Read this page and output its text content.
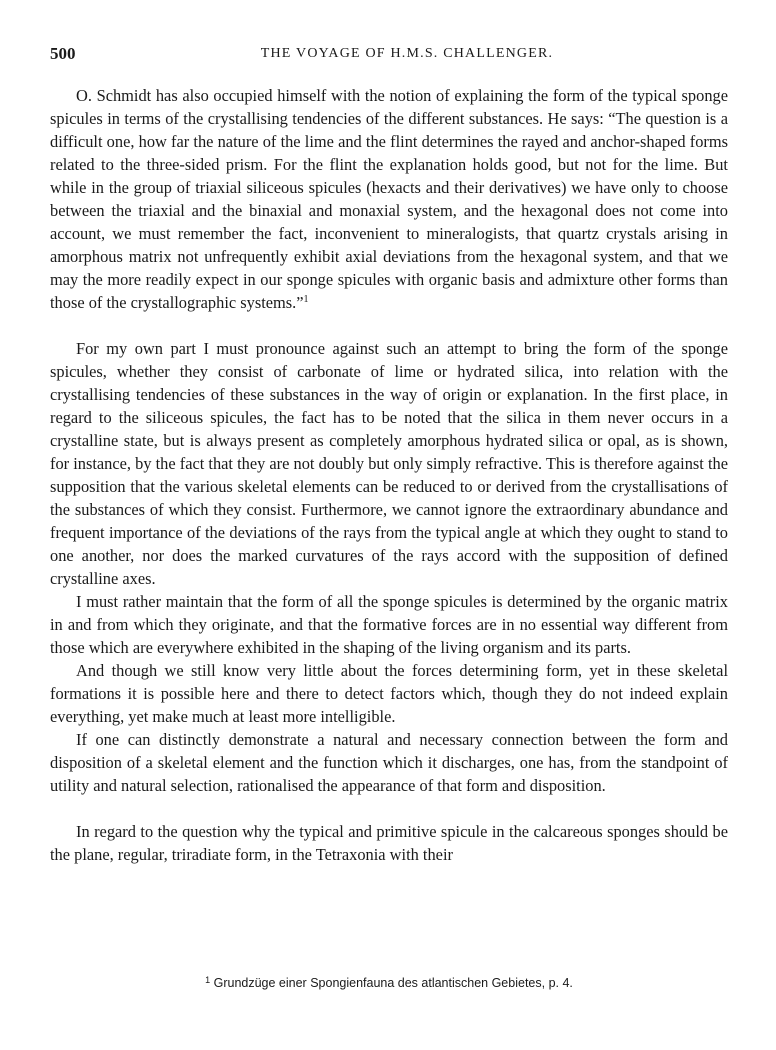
500	THE VOYAGE OF H.M.S. CHALLENGER.

O. Schmidt has also occupied himself with the notion of explaining the form of the typical sponge spicules in terms of the crystallising tendencies of the different substances. He says: “The question is a difficult one, how far the nature of the lime and the flint determines the rayed and anchor-shaped forms related to the three-sided prism. For the flint the explanation holds good, but not for the lime. But while in the group of triaxial siliceous spicules (hexacts and their derivatives) we have only to choose between the triaxial and the binaxial and monaxial system, and the hexagonal does not come into account, we must remember the fact, inconvenient to mineralogists, that quartz crystals arising in amorphous matrix not unfrequently exhibit axial deviations from the hexagonal system, and that we may the more readily expect in our sponge spicules with organic basis and admixture other forms than those of the crystallographic systems.”$^1$

For my own part I must pronounce against such an attempt to bring the form of the sponge spicules, whether they consist of carbonate of lime or hydrated silica, into relation with the crystallising tendencies of these substances in the way of origin or explanation. In the first place, in regard to the siliceous spicules, the fact has to be noted that the silica in them never occurs in a crystalline state, but is always present as completely amorphous hydrated silica or opal, as is shown, for instance, by the fact that they are not doubly but only simply refractive. This is therefore against the supposition that the various skeletal elements can be reduced to or derived from the crystallisations of the substances of which they consist. Furthermore, we cannot ignore the extraordinary abundance and frequent importance of the deviations of the rays from the typical angle at which they ought to stand to one another, nor does the marked curvatures of the rays accord with the supposition of defined crystalline axes.

I must rather maintain that the form of all the sponge spicules is determined by the organic matrix in and from which they originate, and that the formative forces are in no essential way different from those which are everywhere exhibited in the shaping of the living organism and its parts.

And though we still know very little about the forces determining form, yet in these skeletal formations it is possible here and there to detect factors which, though they do not indeed explain everything, yet make much at least more intelligible.

If one can distinctly demonstrate a natural and necessary connection between the form and disposition of a skeletal element and the function which it discharges, one has, from the standpoint of utility and natural selection, rationalised the appearance of that form and disposition.

In regard to the question why the typical and primitive spicule in the calcareous sponges should be the plane, regular, triradiate form, in the Tetraxonia with their

$^1$ Grundzüge einer Spongienfauna des atlantischen Gebietes, p. 4.
